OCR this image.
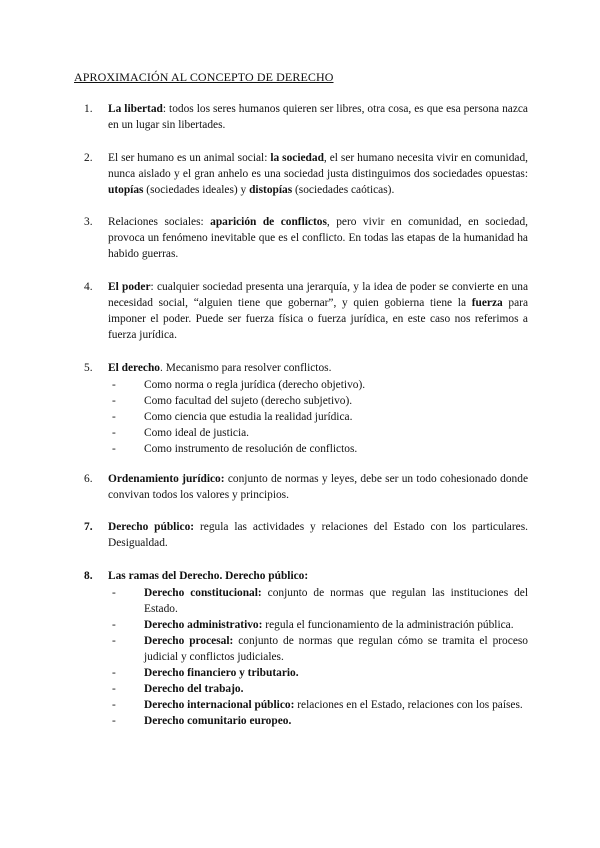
APROXIMACIÓN AL CONCEPTO DE DERECHO
1.	La libertad: todos los seres humanos quieren ser libres, otra cosa, es que esa persona nazca en un lugar sin libertades.
2.	El ser humano es un animal social: la sociedad, el ser humano necesita vivir en comunidad, nunca aislado y el gran anhelo es una sociedad justa distinguimos dos sociedades opuestas: utopías (sociedades ideales) y distopías (sociedades caóticas).
3.	Relaciones sociales: aparición de conflictos, pero vivir en comunidad, en sociedad, provoca un fenómeno inevitable que es el conflicto. En todas las etapas de la humanidad ha habido guerras.
4.	El poder: cualquier sociedad presenta una jerarquía, y la idea de poder se convierte en una necesidad social, “alguien tiene que gobernar”, y quien gobierna tiene la fuerza para imponer el poder. Puede ser fuerza física o fuerza jurídica, en este caso nos referimos a fuerza jurídica.
5.	El derecho. Mecanismo para resolver conflictos.
- Como norma o regla jurídica (derecho objetivo).
- Como facultad del sujeto (derecho subjetivo).
- Como ciencia que estudia la realidad jurídica.
- Como ideal de justicia.
- Como instrumento de resolución de conflictos.
6.	Ordenamiento jurídico: conjunto de normas y leyes, debe ser un todo cohesionado donde convivan todos los valores y principios.
7.	Derecho público: regula las actividades y relaciones del Estado con los particulares. Desigualdad.
8.	Las ramas del Derecho. Derecho público:
- Derecho constitucional: conjunto de normas que regulan las instituciones del Estado.
- Derecho administrativo: regula el funcionamiento de la administración pública.
- Derecho procesal: conjunto de normas que regulan cómo se tramita el proceso judicial y conflictos judiciales.
- Derecho financiero y tributario.
- Derecho del trabajo.
- Derecho internacional público: relaciones en el Estado, relaciones con los países.
- Derecho comunitario europeo.
